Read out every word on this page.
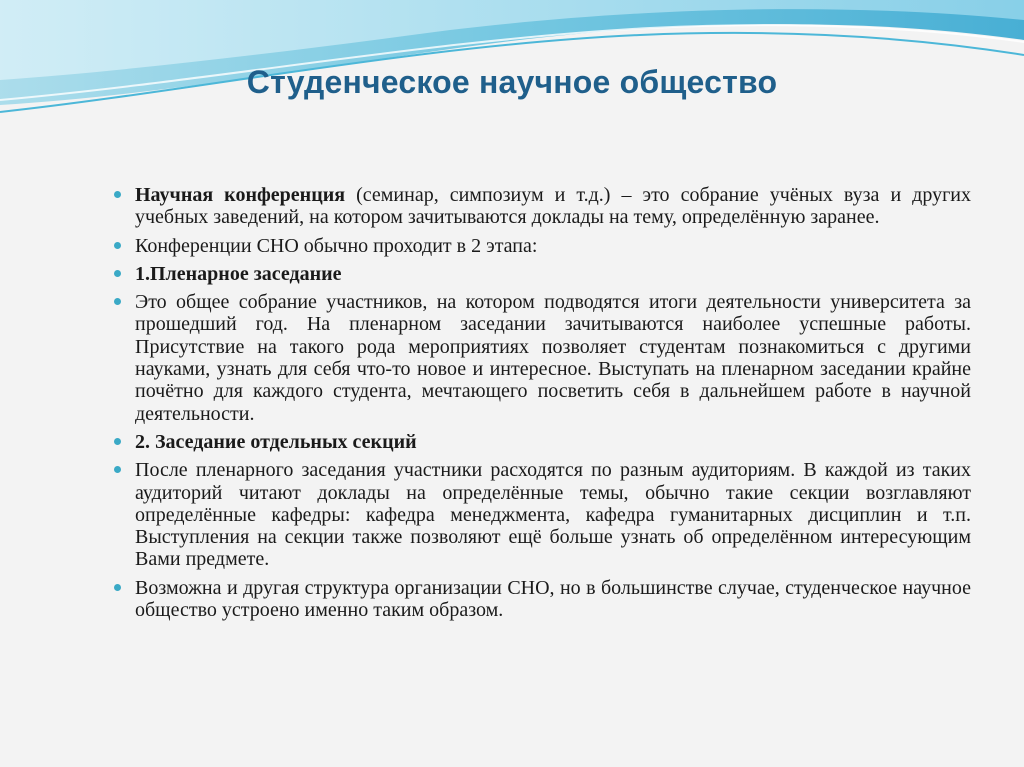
Студенческое научное общество
Научная конференция (семинар, симпозиум и т.д.) – это собрание учёных вуза и других учебных заведений, на котором зачитываются доклады на тему, определённую заранее.
Конференции СНО обычно проходит в 2 этапа:
1.Пленарное заседание
Это общее собрание участников, на котором подводятся итоги деятельности университета за прошедший год. На пленарном заседании зачитываются наиболее успешные работы. Присутствие на такого рода мероприятиях позволяет студентам познакомиться с другими науками, узнать для себя что-то новое и интересное. Выступать на пленарном заседании крайне почётно для каждого студента, мечтающего посветить себя в дальнейшем работе в научной деятельности.
2. Заседание отдельных секций
После пленарного заседания участники расходятся по разным аудиториям. В каждой из таких аудиторий читают доклады на определённые темы, обычно такие секции возглавляют определённые кафедры: кафедра менеджмента, кафедра гуманитарных дисциплин и т.п. Выступления на секции также позволяют ещё больше узнать об определённом интересующим Вами предмете.
Возможна и другая структура организации СНО, но в большинстве случае, студенческое научное общество устроено именно таким образом.
